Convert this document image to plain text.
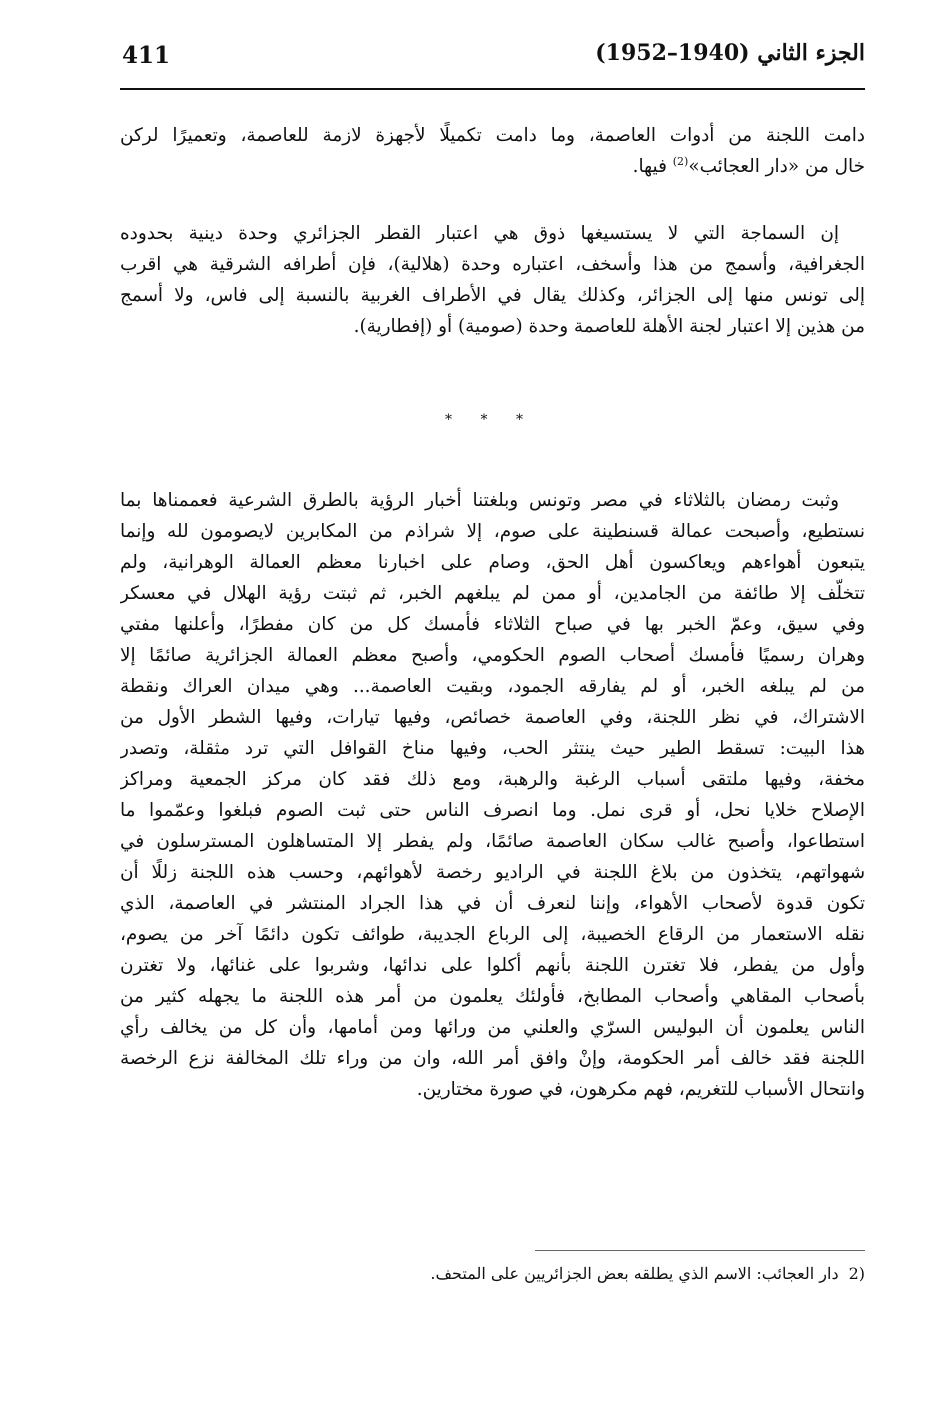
411	الجزء الثاني (1940–1952)
دامت اللجنة من أدوات العاصمة، وما دامت تكميلًا لأجهزة لازمة للعاصمة، وتعميرًا لركن
خال من «دار العجائب»$^{(2)}$ فيها.
إن السماجة التي لا يستسيغها ذوق هي اعتبار القطر الجزائري وحدة دينية بحدوده
الجغرافية، وأسمج من هذا وأسخف، اعتباره وحدة (هلالية)، فإن أطرافه الشرقية هي اقرب
إلى تونس منها إلى الجزائر، وكذلك يقال في الأطراف الغربية بالنسبة إلى فاس، ولا أسمج
من هذين إلا اعتبار لجنة الأهلة للعاصمة وحدة (صومية) أو (إفطارية).
* * *
وثبت رمضان بالثلاثاء في مصر وتونس وبلغتنا أخبار الرؤية بالطرق الشرعية فعممناها بما
نستطيع، وأصبحت عمالة قسنطينة على صوم، إلا شراذم من المكابرين لايصومون لله وإنما
يتبعون أهواءهم ويعاكسون أهل الحق، وصام على اخبارنا معظم العمالة الوهرانية، ولم
تتخلّف إلا طائفة من الجامدين، أو ممن لم يبلغهم الخبر، ثم ثبتت رؤية الهلال في معسكر
وفي سيق، وعمّ الخبر بها في صباح الثلاثاء فأمسك كل من كان مفطرًا، وأعلنها مفتي
وهران رسميًا فأمسك أصحاب الصوم الحكومي، وأصبح معظم العمالة الجزائرية صائمًا إلا
من لم يبلغه الخبر، أو لم يفارقه الجمود، وبقيت العاصمة... وهي ميدان العراك ونقطة
الاشتراك، في نظر اللجنة، وفي العاصمة خصائص، وفيها تيارات، وفيها الشطر الأول من
هذا البيت: تسقط الطير حيث ينتثر الحب، وفيها مناخ القوافل التي ترد مثقلة، وتصدر
مخفة، وفيها ملتقى أسباب الرغبة والرهبة، ومع ذلك فقد كان مركز الجمعية ومراكز
الإصلاح خلايا نحل، أو قرى نمل. وما انصرف الناس حتى ثبت الصوم فبلغوا وعمّموا ما
استطاعوا، وأصبح غالب سكان العاصمة صائمًا، ولم يفطر إلا المتساهلون المسترسلون في
شهواتهم، يتخذون من بلاغ اللجنة في الراديو رخصة لأهوائهم، وحسب هذه اللجنة زللًا أن
تكون قدوة لأصحاب الأهواء، وإننا لنعرف أن في هذا الجراد المنتشر في العاصمة، الذي
نقله الاستعمار من الرقاع الخصيبة، إلى الرباع الجديبة، طوائف تكون دائمًا آخر من يصوم،
وأول من يفطر، فلا تغترن اللجنة بأنهم أكلوا على ندائها، وشربوا على غنائها، ولا تغترن
بأصحاب المقاهي وأصحاب المطابخ، فأولئك يعلمون من أمر هذه اللجنة ما يجهله كثير من
الناس يعلمون أن البوليس السرّي والعلني من ورائها ومن أمامها، وأن كل من يخالف رأي
اللجنة فقد خالف أمر الحكومة، وإنْ وافق أمر الله، وان من وراء تلك المخالفة نزع الرخصة
وانتحال الأسباب للتغريم، فهم مكرهون، في صورة مختارين.
2)دار العجائب: الاسم الذي يطلقه بعض الجزائريين على المتحف.
